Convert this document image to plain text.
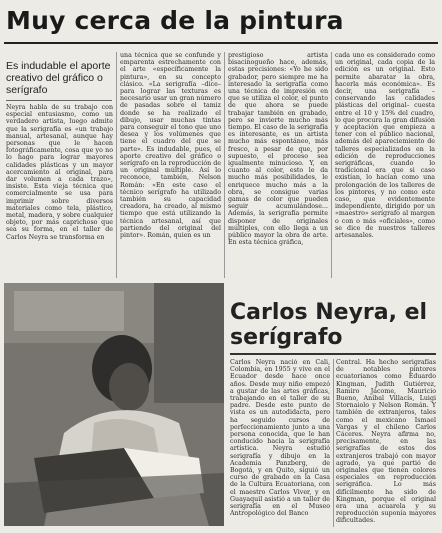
Muy cerca de la pintura

Es indudable el aporte creativo del gráfico o serígrafo

Neyra habla de su trabajo con especial entusiasmo, como un verdadero artista, luego admite que la serigrafía es «un trabajo manual, artesanal, aunque hay personas que le hacen fotográficamente, cosa que yo no lo hago para lograr mayores calidades plásticas y un mayor acercamiento al original, para dar volumen a cada trazo», insiste. Esta vieja técnica que comercialmente se usa para imprimir sobre diversos materiales como tela, plástico, metal, madera, y sobre cualquier objeto, por más caprichoso que sea su forma, en el taller de Carlos Neyra se transforma en

una técnica que se confunde y emparenta estrechamente con el arte «específicamente la pintura», en su concepto clásico. «La serigrafía –dice– para lograr las texturas es necesario usar un gran número de pasadas sobre el tamiz donde se ha realizado el dibujo, usar muchas tintas para conseguir el tono que uno desea y los volúmenes que tiene el cuadro del que se parte». Es indudable, pues, el aporte creativo del gráfico o serígrafo en la reproducción de un original múltiple. Así lo reconoce, también, Nelson Román: «En este caso el técnico serígrafo ha utilizado también su capacidad creadora, ha creado, al mismo tiempo que está utilizando la técnica artesanal, así que partiendo del original del pintor». Román, quien es un

prestigioso artista bisacinogueño hace, además, estas precisiones: «Yo he sido grabador, pero siempre me ha interesado la serigrafía como una técnica de impresión en que se utiliza el color, el punto de que ahora se puede trabajar también en grabado, pero se invierte mucho más tiempo. El caso de la serigrafía es interesante, es un artista mucho más espontáneo, más fresco, a pesar de que, por supuesto, el proceso sea igualmente minucioso. Y, en cuanto al color, esto le da mucho más posibilidades, le enriquece mucho más a la obra, se consigue varias gamas de color que pueden seguir acumulándose... Además, la serigrafía permite disponer de originales múltiples, con ello llega a un público mayor la obra de arte. En esta técnica gráfica,

cada uno es considerado como un original, cada copia de la edición es un original. Esto permite abaratar la obra, hacerla más económica». Es decir, una serigrafía –conservando las calidades plásticas del original– cuesta entre el 10 y 15% del cuadro, lo que procura la gran difusión y aceptación que empieza a tener con el público nacional, además del apareciemiento de talleres especializados en la edición de reproducciones serigráficas, cuando lo tradicional era que si caso existían, lo hacían como una prolongación de los talleres de los pintores, y no como este caso, que evidentemente independiente, dirigido por un «maestro» serígrafo al margen o con o más «oficiales», como se dice de nuestros talleres artesanales.

Carlos Neyra, el serígrafo

Carlos Neyra nació en Cali, Colombia, en 1955 y vive en el Ecuador desde hace once años. Desde muy niño empezó a gustar de las artes gráficas, trabajando en el taller de su padre. Desde este punto de vista es un autodidacta, pero ha seguido cursos de perfeccionamiento junto a una persona conocida, que le han conducido hacia la serigrafía artística. Neyra estudió serigrafía y dibujo en la Academia Panzberg, de Bogotá, y en Quito, siguió un curso de grabado en la Casa de la Cultura Ecuatoriana, con el maestro Carlos Viver, y en Guayaquil asistió a un taller de serigrafía en el Museo Antropológico del Banco

Central. Ha hecho serigrafías de notables pintores ecuatorianos como Eduardo Kingman, Judith Gutiérrez, Ramiro Jácome, Mauricio Bueno, Aníbal Villacís, Luigi Stornaiolo y Nelson Román. Y también de extranjeros, tales como el mexicano Ismael Vargas y el chileno Carlos Cáceres. Neyra afirma no, precisamente, en las serigrafías de estos dos extranjeros trabajó con mayor agrado, ya que partió de originales que tienen colores especiales en reproducción serigráfica. Lo más difícilmente ha sido de Kingman, porque el original era una acuarela y su reproducción suponía mayores dificultades.
